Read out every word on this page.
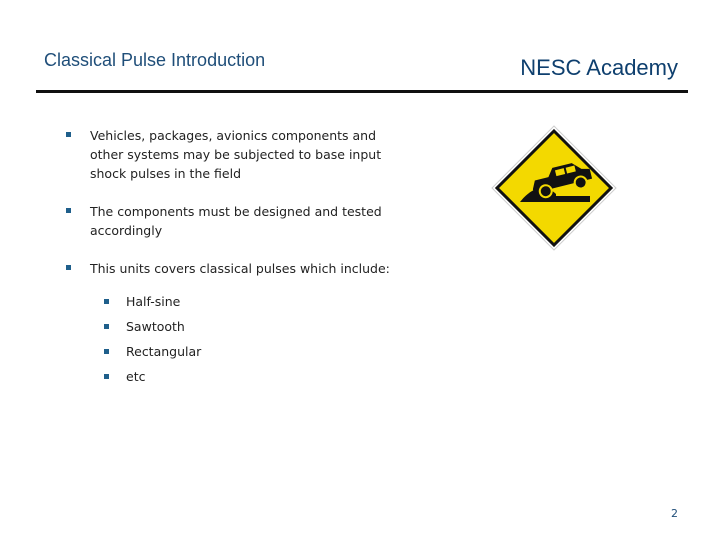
Classical Pulse Introduction	NESC Academy
Vehicles, packages, avionics components and other systems may be subjected to base input shock pulses in the field
The components must be designed and tested accordingly
This units covers classical pulses which include:
Half-sine
Sawtooth
Rectangular
etc
2
